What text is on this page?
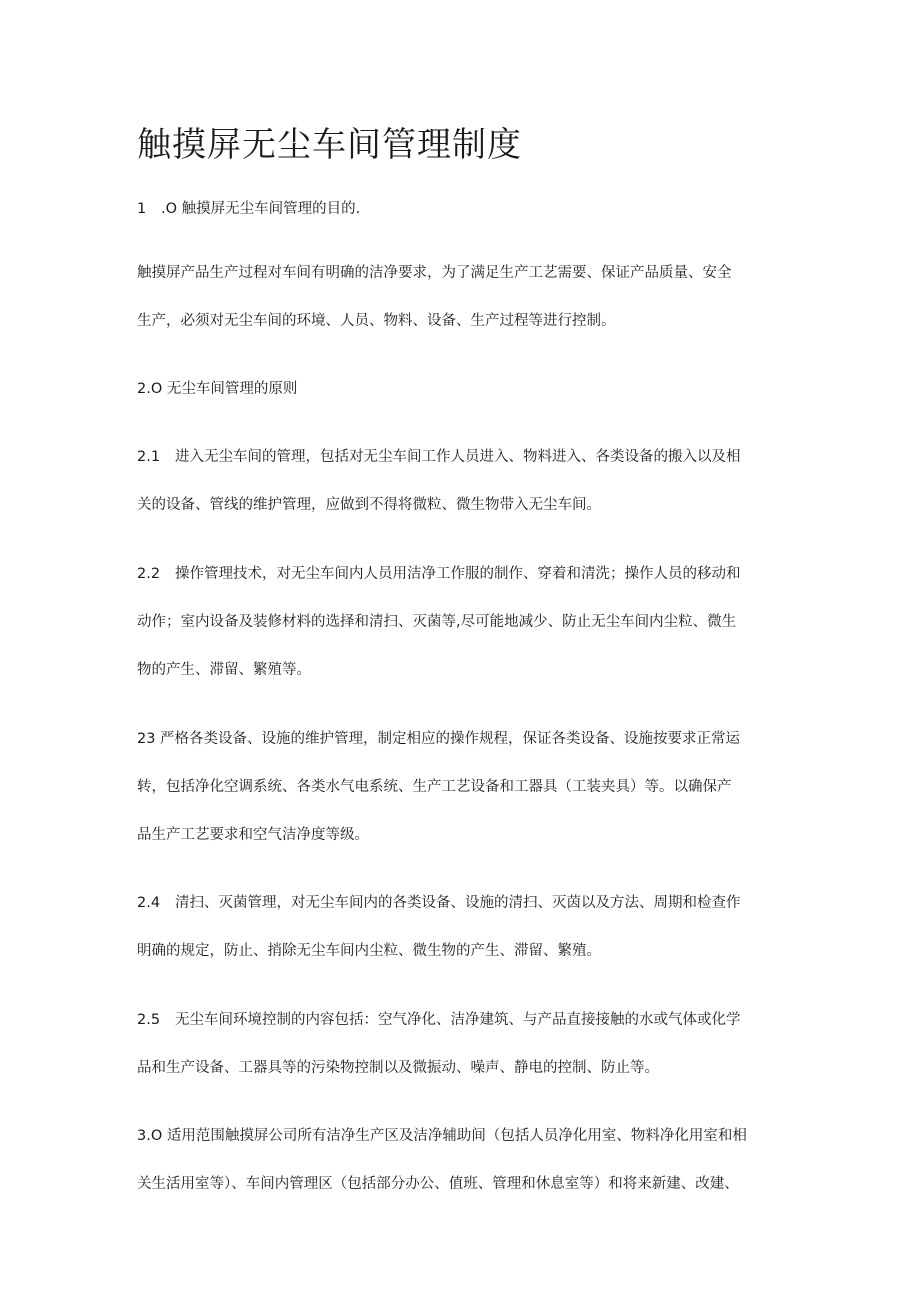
触摸屏无尘车间管理制度

1 .O 触摸屏无尘车间管理的目的.

触摸屏产品生产过程对车间有明确的洁净要求，为了满足生产工艺需要、保证产品质量、安全

生产，必须对无尘车间的环境、人员、物料、设备、生产过程等进行控制。

2.O 无尘车间管理的原则

2.1 进入无尘车间的管理，包括对无尘车间工作人员进入、物料进入、各类设备的搬入以及相

关的设备、管线的维护管理，应做到不得将微粒、微生物带入无尘车间。

2.2 操作管理技术，对无尘车间内人员用洁净工作服的制作、穿着和清洗；操作人员的移动和

动作；室内设备及装修材料的选择和清扫、灭菌等,尽可能地减少、防止无尘车间内尘粒、微生

物的产生、滞留、繁殖等。

23 严格各类设备、设施的维护管理，制定相应的操作规程，保证各类设备、设施按要求正常运

转，包括净化空调系统、各类水气电系统、生产工艺设备和工器具（工装夹具）等。以确保产

品生产工艺要求和空气洁净度等级。

2.4 清扫、灭菌管理，对无尘车间内的各类设备、设施的清扫、灭茵以及方法、周期和检查作

明确的规定，防止、捎除无尘车间内尘粒、微生物的产生、滞留、繁殖。

2.5 无尘车间环境控制的内容包括：空气净化、洁净建筑、与产品直接接触的水或气体或化学

品和生产设备、工器具等的污染物控制以及微振动、噪声、静电的控制、防止等。

3.O 适用范围触摸屏公司所有洁净生产区及洁净辅助间（包括人员净化用室、物料净化用室和相

关生活用室等）、车间内管理区（包括部分办公、值班、管理和休息室等）和将来新建、改建、
